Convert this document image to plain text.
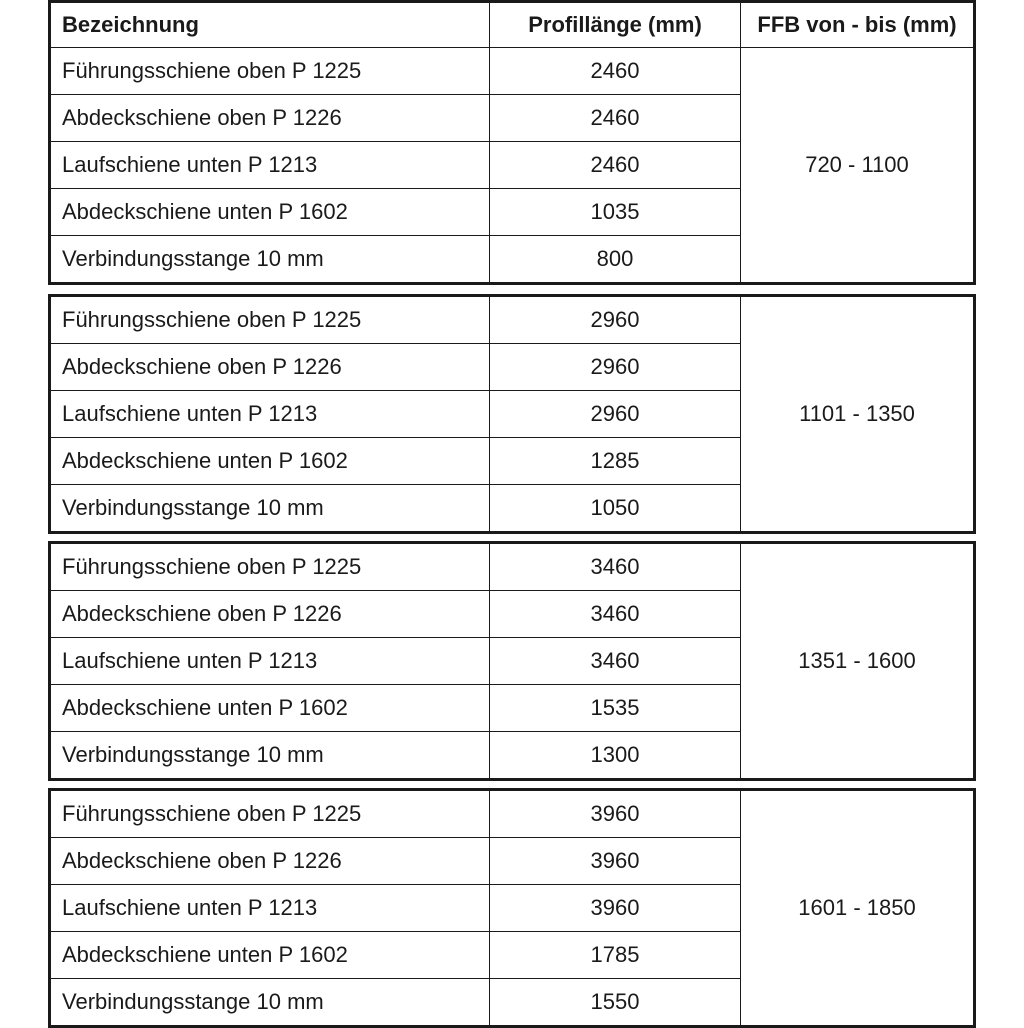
Bezeichnung	Profillänge (mm)	FFB von - bis (mm)
Führungsschiene oben P 1225	2460	720 - 1100
Abdeckschiene oben P 1226	2460	
Laufschiene unten P 1213	2460	
Abdeckschiene unten P 1602	1035	
Verbindungsstange 10 mm	800	
Führungsschiene oben P 1225	2960	1101 - 1350
Abdeckschiene oben P 1226	2960	
Laufschiene unten P 1213	2960	
Abdeckschiene unten P 1602	1285	
Verbindungsstange 10 mm	1050	
Führungsschiene oben P 1225	3460	1351 - 1600
Abdeckschiene oben P 1226	3460	
Laufschiene unten P 1213	3460	
Abdeckschiene unten P 1602	1535	
Verbindungsstange 10 mm	1300	
Führungsschiene oben P 1225	3960	1601 - 1850
Abdeckschiene oben P 1226	3960	
Laufschiene unten P 1213	3960	
Abdeckschiene unten P 1602	1785	
Verbindungsstange 10 mm	1550	
